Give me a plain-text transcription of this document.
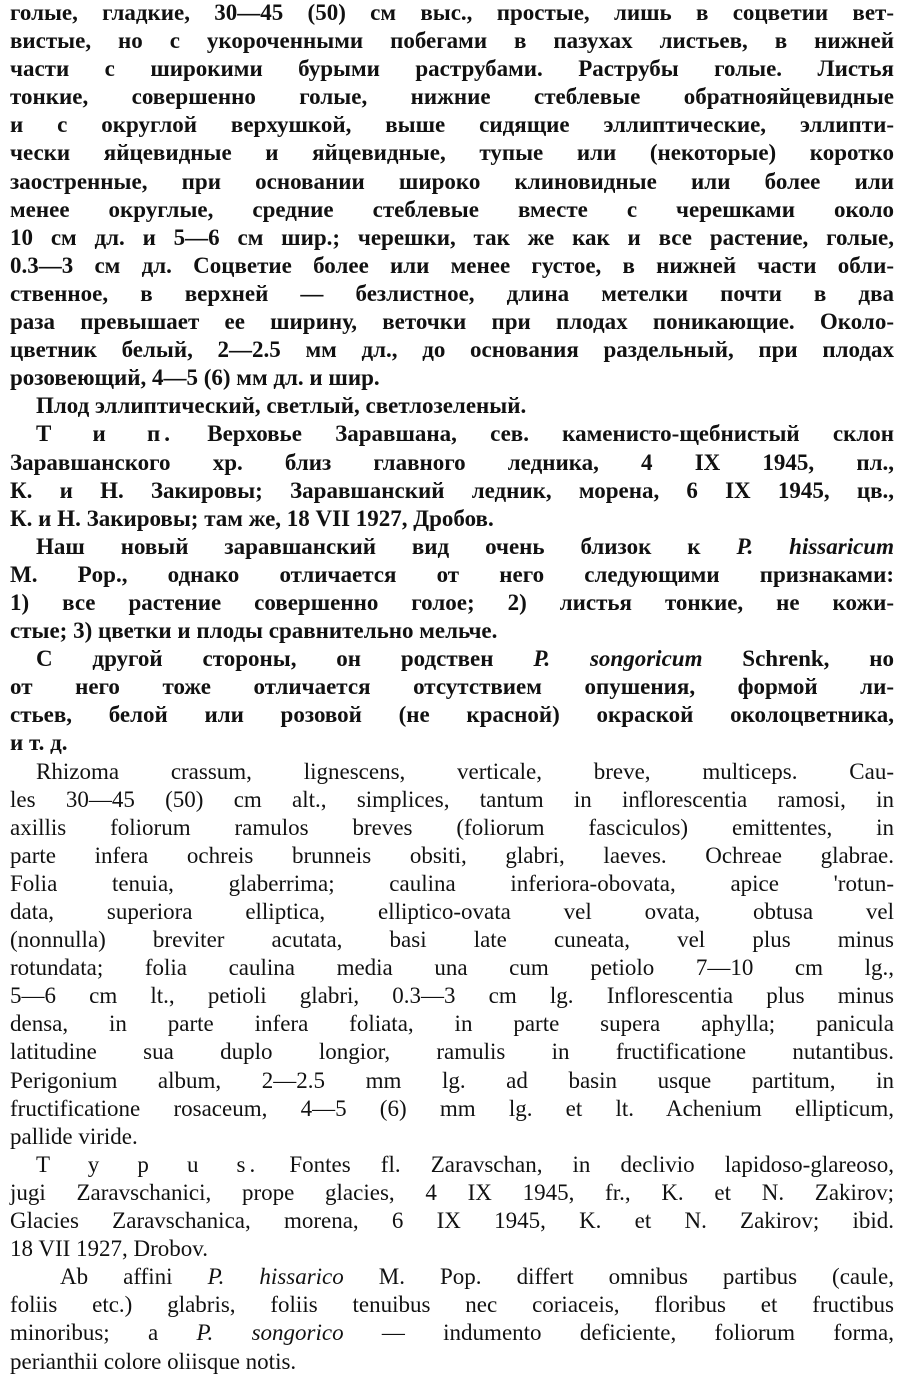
голые, гладкие, 30—45 (50) см выс., простые, лишь в соцветии вет-
вистые, но с укороченными побегами в пазухах листьев, в нижней
части с широкими бурыми раструбами. Раструбы голые. Листья
тонкие, совершенно голые, нижние стеблевые обратнояйцевидные
и с округлой верхушкой, выше сидящие эллиптические, эллипти-
чески яйцевидные и яйцевидные, тупые или (некоторые) коротко
заостренные, при основании широко клиновидные или более или
менее округлые, средние стеблевые вместе с черешками около
10 см дл. и 5—6 см шир.; черешки, так же как и все растение, голые,
0.3—3 см дл. Соцветие более или менее густое, в нижней части обли-
ственное, в верхней — безлистное, длина метелки почти в два
раза превышает ее ширину, веточки при плодах поникающие. Около-
цветник белый, 2—2.5 мм дл., до основания раздельный, при плодах
розовеющий, 4—5 (6) мм дл. и шир.
Плод эллиптический, светлый, светлозеленый.
Т и п. Верховье Заравшана, сев. каменисто-щебнистый склон
Заравшанского хр. близ главного ледника, 4 IX 1945, пл.,
К. и Н. Закировы; Заравшанский ледник, морена, 6 IX 1945, цв.,
К. и Н. Закировы; там же, 18 VII 1927, Дробов.
Наш новый заравшанский вид очень близок к P. hissaricum
M. Pop., однако отличается от него следующими признаками:
1) все растение совершенно голое; 2) листья тонкие, не кожи-
стые; 3) цветки и плоды сравнительно мельче.
С другой стороны, он родствен P. songoricum Schrenk, но
от него тоже отличается отсутствием опушения, формой ли-
стьев, белой или розовой (не красной) окраской околоцветника,
и т. д.
Rhizoma crassum, lignescens, verticale, breve, multiceps. Cau-
les 30—45 (50) cm alt., simplices, tantum in inflorescentia ramosi, in
axillis foliorum ramulos breves (foliorum fasciculos) emittentes, in
parte infera ochreis brunneis obsiti, glabri, laeves. Ochreae glabrae.
Folia tenuia, glaberrima; caulina inferiora-obovata, apice 'rotun-
data, superiora elliptica, elliptico-ovata vel ovata, obtusa vel
(nonnulla) breviter acutata, basi late cuneata, vel plus minus
rotundata; folia caulina media una cum petiolo 7—10 cm lg.,
5—6 cm lt., petioli glabri, 0.3—3 cm lg. Inflorescentia plus minus
densa, in parte infera foliata, in parte supera aphylla; panicula
latitudine sua duplo longior, ramulis in fructificatione nutantibus.
Perigonium album, 2—2.5 mm lg. ad basin usque partitum, in
fructificatione rosaceum, 4—5 (6) mm lg. et lt. Achenium ellipticum,
pallide viride.
T y p u s. Fontes fl. Zaravschan, in declivio lapidoso-glareoso,
jugi Zaravschanici, prope glacies, 4 IX 1945, fr., K. et N. Zakirov;
Glacies Zaravschanica, morena, 6 IX 1945, K. et N. Zakirov; ibid.
18 VII 1927, Drobov.
Ab affini P. hissarico M. Pop. differt omnibus partibus (caule,
foliis etc.) glabris, foliis tenuibus nec coriaceis, floribus et fructibus
minoribus; a P. songorico — indumento deficiente, foliorum forma,
perianthii colore oliisque notis.
